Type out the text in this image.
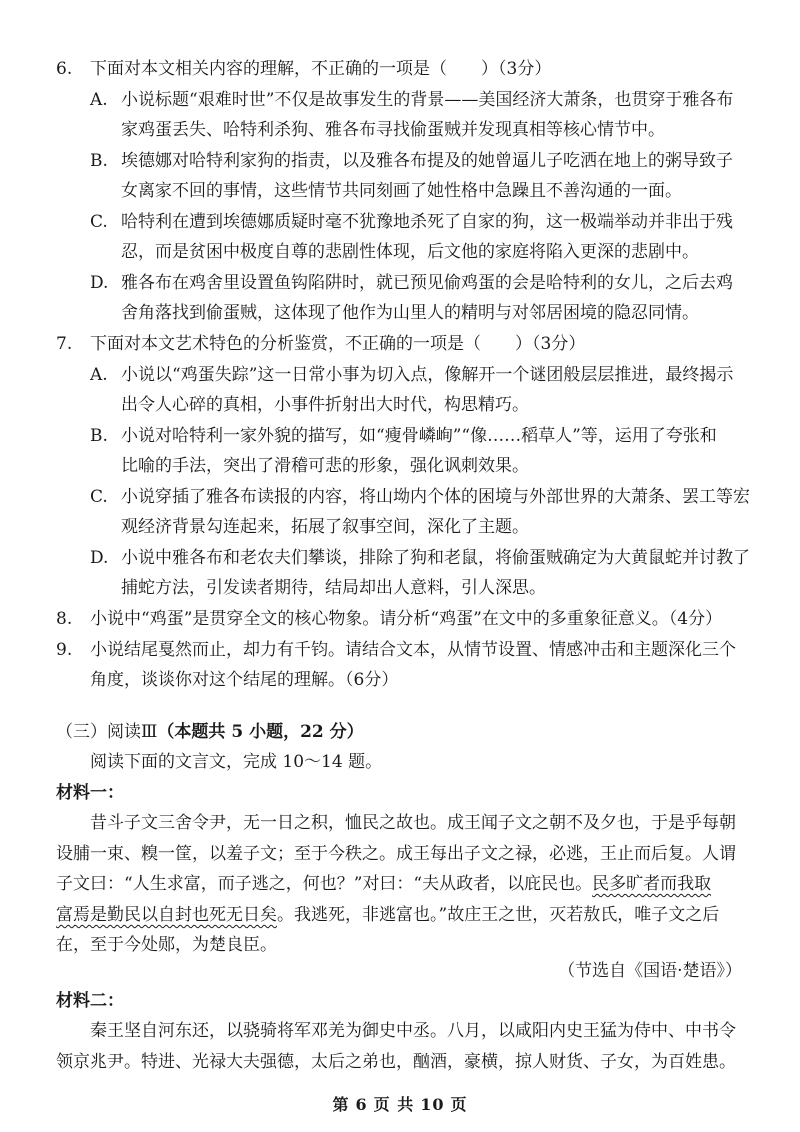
6. 下面对本文相关内容的理解，不正确的一项是（　　）（3分）
A. 小说标题“艰难时世”不仅是故事发生的背景——美国经济大萧条，也贯穿于雅各布
家鸡蛋丢失、哈特利杀狗、雅各布寻找偷蛋贼并发现真相等核心情节中。
B. 埃德娜对哈特利家狗的指责，以及雅各布提及的她曾逼儿子吃洒在地上的粥导致子
女离家不回的事情，这些情节共同刻画了她性格中急躁且不善沟通的一面。
C. 哈特利在遭到埃德娜质疑时毫不犹豫地杀死了自家的狗，这一极端举动并非出于残
忍，而是贫困中极度自尊的悲剧性体现，后文他的家庭将陷入更深的悲剧中。
D. 雅各布在鸡舍里设置鱼钩陷阱时，就已预见偷鸡蛋的会是哈特利的女儿，之后去鸡
舍角落找到偷蛋贼，这体现了他作为山里人的精明与对邻居困境的隐忍同情。
7. 下面对本文艺术特色的分析鉴赏，不正确的一项是（　　）（3分）
A. 小说以“鸡蛋失踪”这一日常小事为切入点，像解开一个谜团般层层推进，最终揭示
出令人心碎的真相，小事件折射出大时代，构思精巧。
B. 小说对哈特利一家外貌的描写，如“瘦骨嶙峋”“像……稻草人”等，运用了夸张和
比喻的手法，突出了滑稽可悲的形象，强化讽刺效果。
C. 小说穿插了雅各布读报的内容，将山坳内个体的困境与外部世界的大萧条、罢工等宏
观经济背景勾连起来，拓展了叙事空间，深化了主题。
D. 小说中雅各布和老农夫们攀谈，排除了狗和老鼠，将偷蛋贼确定为大黄鼠蛇并讨教了
捕蛇方法，引发读者期待，结局却出人意料，引人深思。
8. 小说中“鸡蛋”是贯穿全文的核心物象。请分析“鸡蛋”在文中的多重象征意义。（4分）
9. 小说结尾戛然而止，却力有千钧。请结合文本，从情节设置、情感冲击和主题深化三个
角度，谈谈你对这个结尾的理解。（6分）
（三）阅读Ⅲ（本题共 5 小题，22 分）
阅读下面的文言文，完成 10～14 题。
材料一：
昔斗子文三舍令尹，无一日之积，恤民之故也。成王闻子文之朝不及夕也，于是乎每朝
设脯一束、糗一筐，以羞子文；至于今秩之。成王每出子文之禄，必逃，王止而后复。人谓
子文曰：“人生求富，而子逃之，何也？”对曰：“夫从政者，以庇民也。民多旷者而我取
富焉是勤民以自封也死无日矣。我逃死，非逃富也。”故庄王之世，灭若敖氏，唯子文之后
在，至于今处郧，为楚良臣。
（节选自《国语·楚语》）
材料二：
秦王坚自河东还，以骁骑将军邓羌为御史中丞。八月，以咸阳内史王猛为侍中、中书令
领京兆尹。特进、光禄大夫强德，太后之弟也，酗酒，豪横，掠人财货、子女，为百姓患。
第 6 页 共 10 页
